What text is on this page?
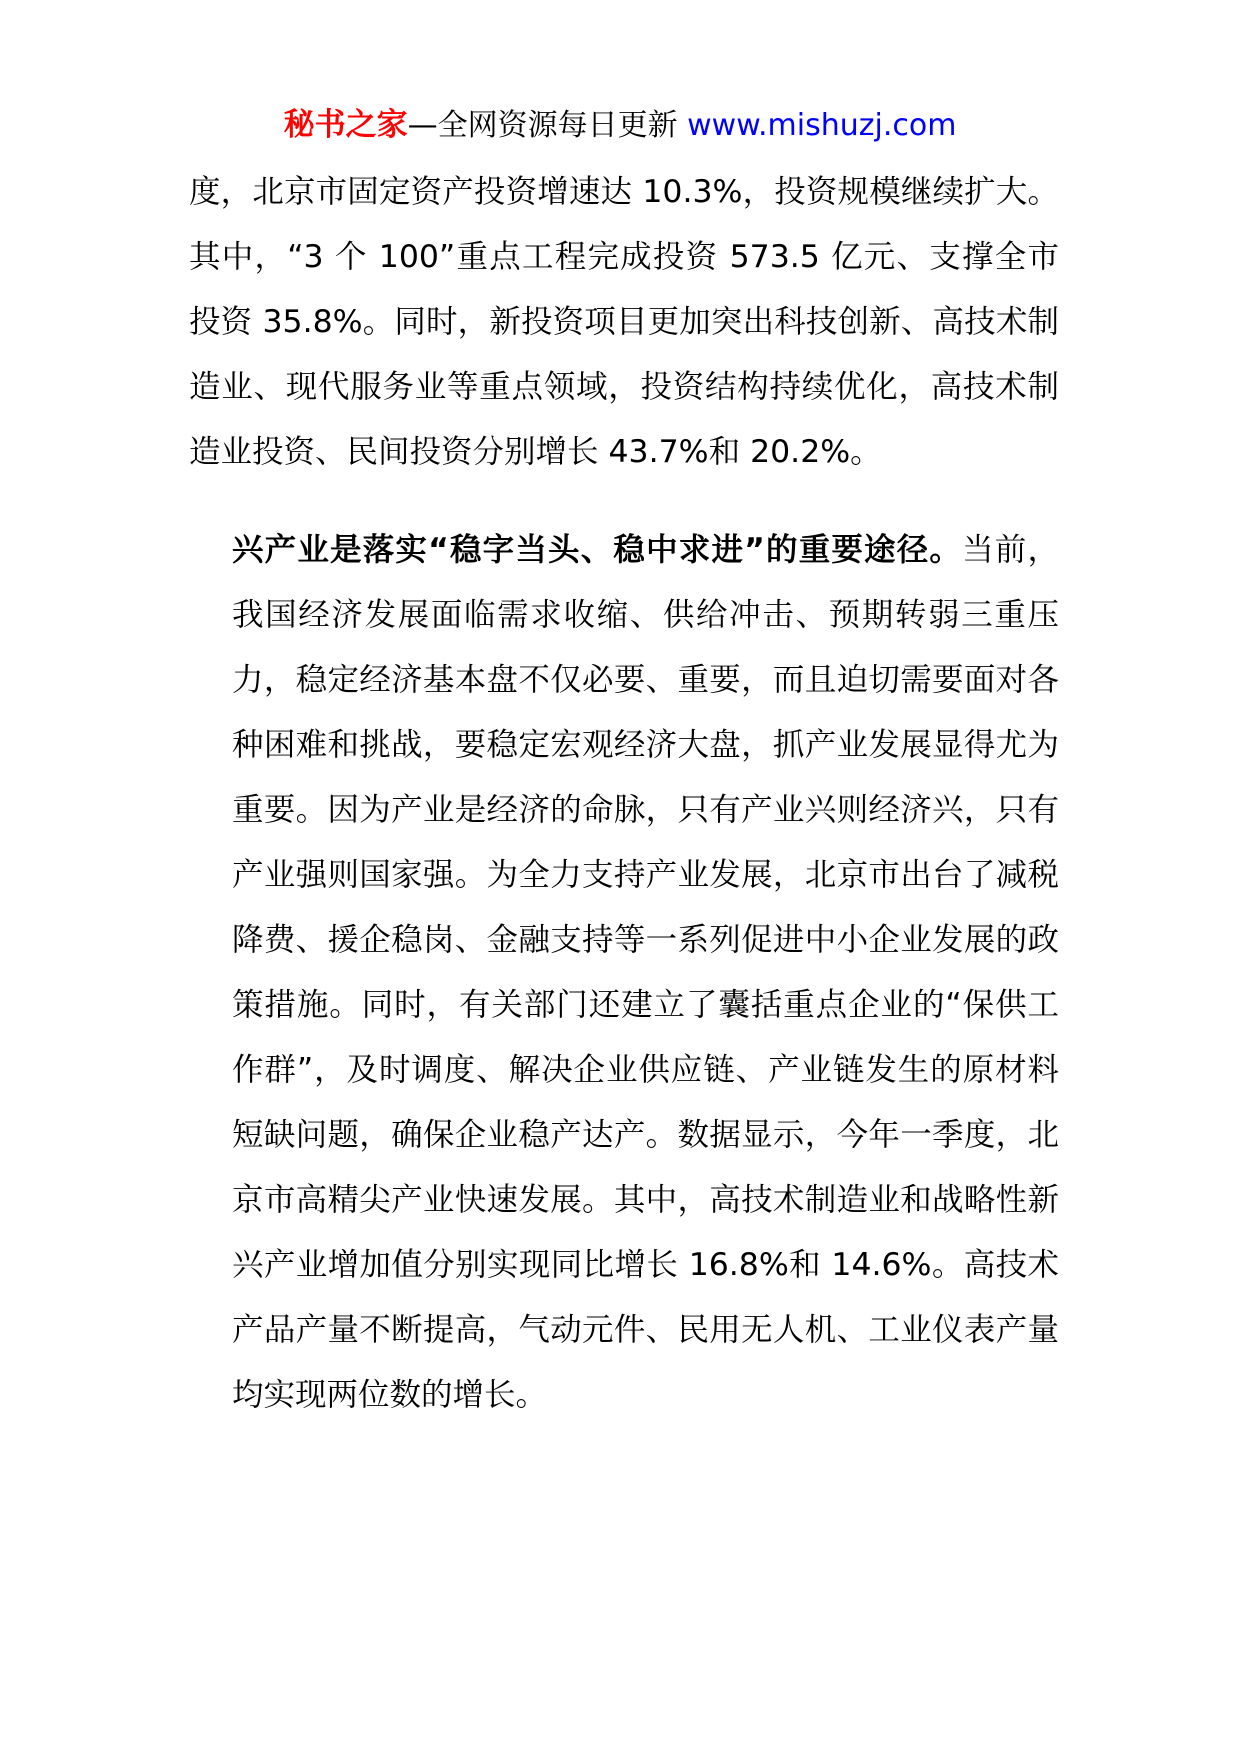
秘书之家—全网资源每日更新 www.mishuzj.com

度，北京市固定资产投资增速达 10.3%，投资规模继续扩大。其中，“3 个 100”重点工程完成投资 573.5 亿元、支撑全市投资 35.8%。同时，新投资项目更加突出科技创新、高技术制造业、现代服务业等重点领域，投资结构持续优化，高技术制造业投资、民间投资分别增长 43.7%和 20.2%。

兴产业是落实“稳字当头、稳中求进”的重要途径。当前，我国经济发展面临需求收缩、供给冲击、预期转弱三重压力，稳定经济基本盘不仅必要、重要，而且迫切需要面对各种困难和挑战，要稳定宏观经济大盘，抓产业发展显得尤为重要。因为产业是经济的命脉，只有产业兴则经济兴，只有产业强则国家强。为全力支持产业发展，北京市出台了减税降费、援企稳岗、金融支持等一系列促进中小企业发展的政策措施。同时，有关部门还建立了囊括重点企业的“保供工作群”，及时调度、解决企业供应链、产业链发生的原材料短缺问题，确保企业稳产达产。数据显示，今年一季度，北京市高精尖产业快速发展。其中，高技术制造业和战略性新兴产业增加值分别实现同比增长 16.8%和 14.6%。高技术产品产量不断提高，气动元件、民用无人机、工业仪表产量均实现两位数的增长。
